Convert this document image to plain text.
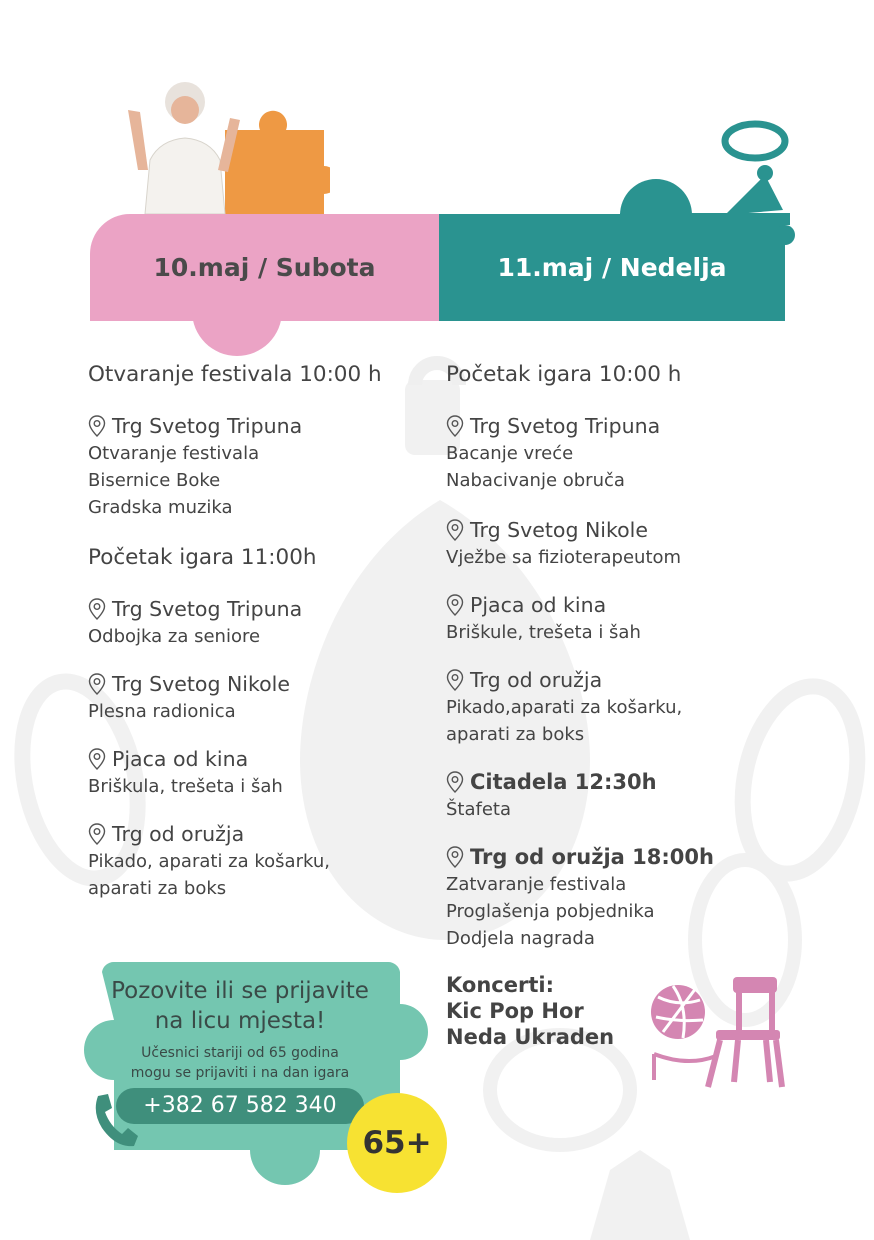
10.maj / Subota	11.maj / Nedelja

Otvaranje festivala 10:00 h

Trg Svetog Tripuna
Otvaranje festivala
Bisernice Boke
Gradska muzika

Početak igara 11:00h

Trg Svetog Tripuna
Odbojka za seniore
Trg Svetog Nikole
Plesna radionica
Pjaca od kina
Briškula, trešeta i šah
Trg od oružja
Pikado, aparati za košarku,
aparati za boks

Početak igara 10:00 h

Trg Svetog Tripuna
Bacanje vreće
Nabacivanje obruča
Trg Svetog Nikole
Vježbe sa fizioterapeutom
Pjaca od kina
Briškule, trešeta i šah
Trg od oružja
Pikado,aparati za košarku,
aparati za boks
Citadela 12:30h
Štafeta
Trg od oružja 18:00h
Zatvaranje festivala
Proglašenja pobjednika
Dodjela nagrada
Koncerti:
Kic Pop Hor
Neda Ukraden
Pozovite ili se prijavite
na licu mjesta!
Učesnici stariji od 65 godina
mogu se prijaviti i na dan igara
+382 67 582 340
65+
